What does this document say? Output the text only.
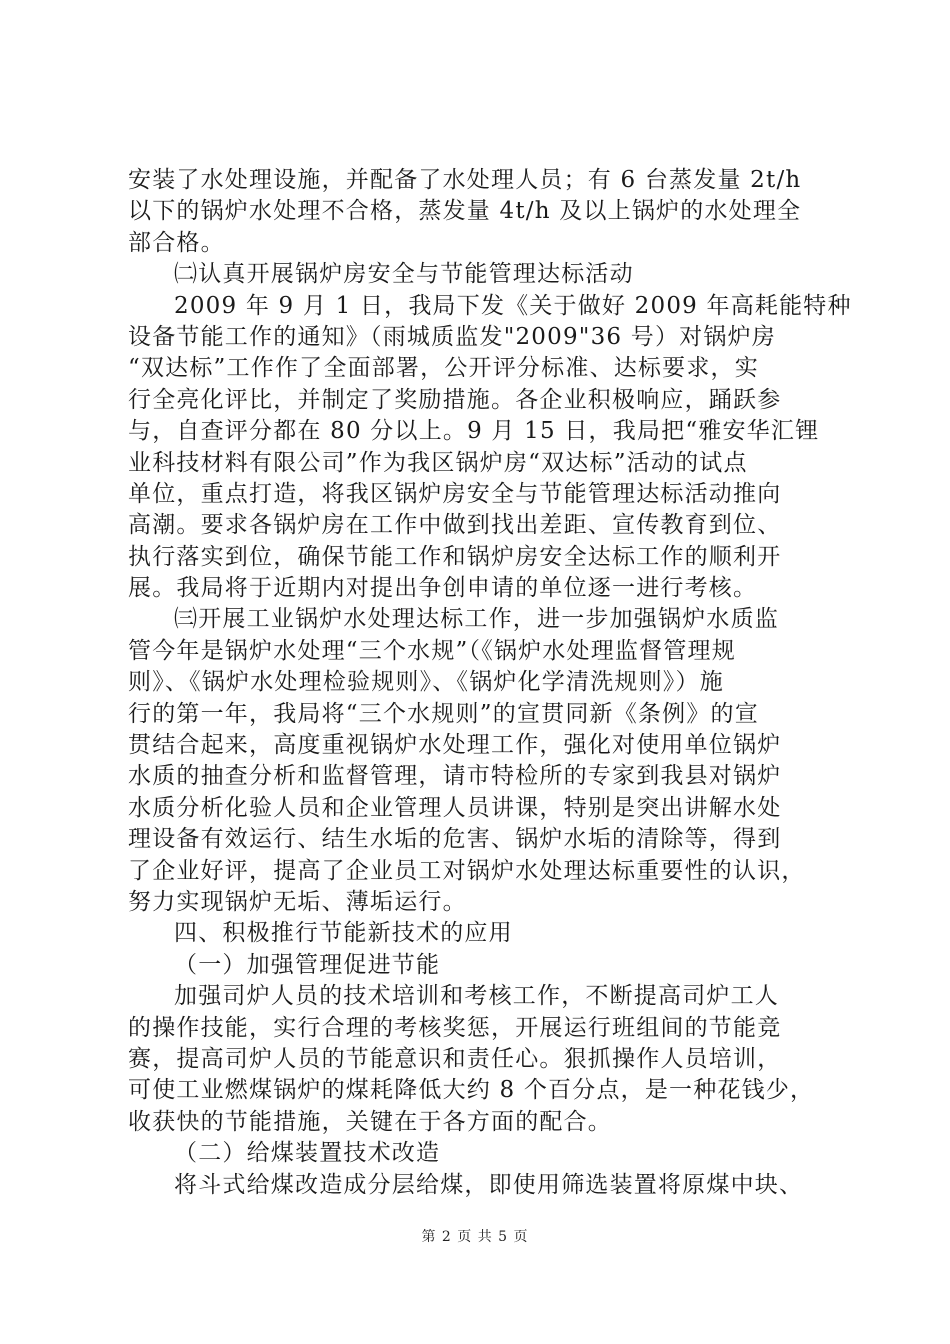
安装了水处理设施，并配备了水处理人员；有 6 台蒸发量 2t/h
以下的锅炉水处理不合格，蒸发量 4t/h 及以上锅炉的水处理全
部合格。
㈡认真开展锅炉房安全与节能管理达标活动
2009 年 9 月 1 日，我局下发《关于做好 2009 年高耗能特种
设备节能工作的通知》（雨城质监发"2009"36 号）对锅炉房
“双达标”工作作了全面部署，公开评分标准、达标要求，实
行全亮化评比，并制定了奖励措施。各企业积极响应，踊跃参
与，自查评分都在 80 分以上。9 月 15 日，我局把“雅安华汇锂
业科技材料有限公司”作为我区锅炉房“双达标”活动的试点
单位，重点打造，将我区锅炉房安全与节能管理达标活动推向
高潮。要求各锅炉房在工作中做到找出差距、宣传教育到位、
执行落实到位，确保节能工作和锅炉房安全达标工作的顺利开
展。我局将于近期内对提出争创申请的单位逐一进行考核。
㈢开展工业锅炉水处理达标工作，进一步加强锅炉水质监
管今年是锅炉水处理“三个水规”（《锅炉水处理监督管理规
则》、《锅炉水处理检验规则》、《锅炉化学清洗规则》）施
行的第一年，我局将“三个水规则”的宣贯同新《条例》的宣
贯结合起来，高度重视锅炉水处理工作，强化对使用单位锅炉
水质的抽查分析和监督管理，请市特检所的专家到我县对锅炉
水质分析化验人员和企业管理人员讲课，特别是突出讲解水处
理设备有效运行、结生水垢的危害、锅炉水垢的清除等，得到
了企业好评，提高了企业员工对锅炉水处理达标重要性的认识，
努力实现锅炉无垢、薄垢运行。
四、积极推行节能新技术的应用
（一）加强管理促进节能
加强司炉人员的技术培训和考核工作，不断提高司炉工人
的操作技能，实行合理的考核奖惩，开展运行班组间的节能竞
赛，提高司炉人员的节能意识和责任心。狠抓操作人员培训，
可使工业燃煤锅炉的煤耗降低大约 8 个百分点，是一种花钱少，
收获快的节能措施，关键在于各方面的配合。
（二）给煤装置技术改造
将斗式给煤改造成分层给煤，即使用筛选装置将原煤中块、
第 2 页 共 5 页
